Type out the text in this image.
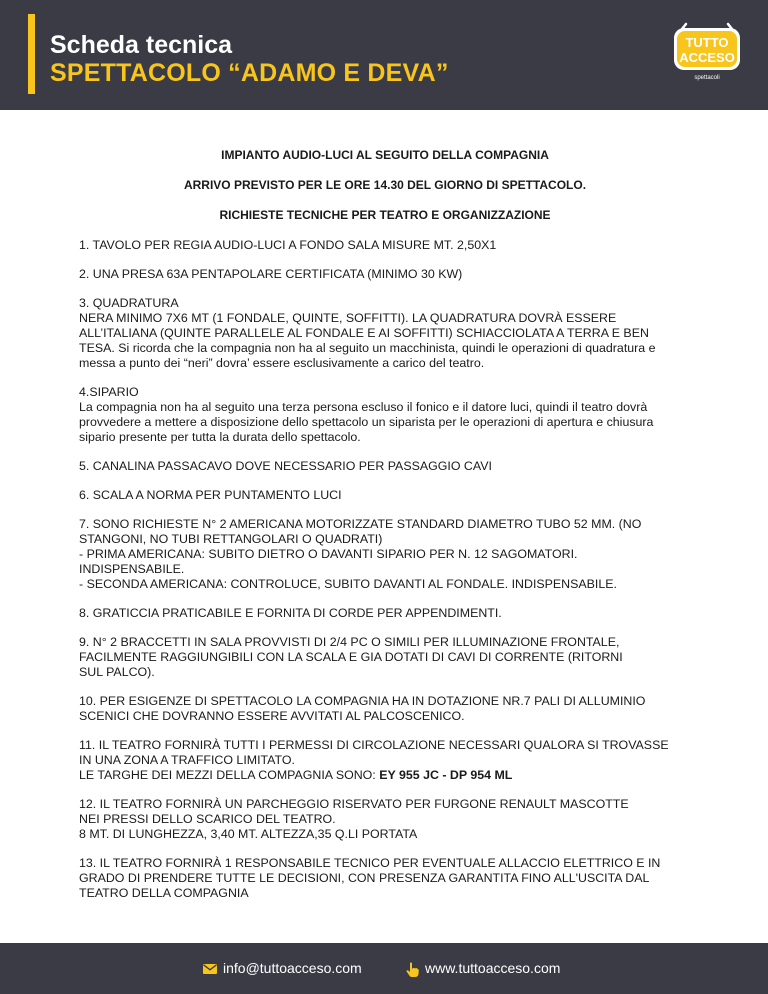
Scheda tecnica
SPETTACOLO “ADAMO E DEVA”
TUTTO
ACCESO
spettacoli
IMPIANTO AUDIO-LUCI AL SEGUITO DELLA COMPAGNIA
ARRIVO PREVISTO PER LE ORE 14.30 DEL GIORNO DI SPETTACOLO.
RICHIESTE TECNICHE PER TEATRO E ORGANIZZAZIONE
1. TAVOLO PER REGIA AUDIO-LUCI A FONDO SALA MISURE MT. 2,50X1
2. UNA PRESA 63A PENTAPOLARE CERTIFICATA (MINIMO 30 KW)
3. QUADRATURA
NERA MINIMO 7X6 MT (1 FONDALE, QUINTE, SOFFITTI). LA QUADRATURA DOVRÀ ESSERE
ALL’ITALIANA (QUINTE PARALLELE AL FONDALE E AI SOFFITTI) SCHIACCIOLATA A TERRA E BEN
TESA. Si ricorda che la compagnia non ha al seguito un macchinista, quindi le operazioni di quadratura e
messa a punto dei “neri” dovra’ essere esclusivamente a carico del teatro.
4.SIPARIO
La compagnia non ha al seguito una terza persona escluso il fonico e il datore luci, quindi il teatro dovrà
provvedere a mettere a disposizione dello spettacolo un siparista per le operazioni di apertura e chiusura
sipario presente per tutta la durata dello spettacolo.
5. CANALINA PASSACAVO DOVE NECESSARIO PER PASSAGGIO CAVI
6. SCALA A NORMA PER PUNTAMENTO LUCI
7. SONO RICHIESTE N° 2 AMERICANA MOTORIZZATE STANDARD DIAMETRO TUBO 52 MM. (NO
STANGONI, NO TUBI RETTANGOLARI O QUADRATI)
- PRIMA AMERICANA: SUBITO DIETRO O DAVANTI SIPARIO PER N. 12 SAGOMATORI.
INDISPENSABILE.
- SECONDA AMERICANA: CONTROLUCE, SUBITO DAVANTI AL FONDALE. INDISPENSABILE.
8. GRATICCIA PRATICABILE E FORNITA DI CORDE PER APPENDIMENTI.
9. N° 2 BRACCETTI IN SALA PROVVISTI DI 2/4 PC O SIMILI PER ILLUMINAZIONE FRONTALE,
FACILMENTE RAGGIUNGIBILI CON LA SCALA E GIA DOTATI DI CAVI DI CORRENTE (RITORNI
SUL PALCO).
10. PER ESIGENZE DI SPETTACOLO LA COMPAGNIA HA IN DOTAZIONE NR.7 PALI DI ALLUMINIO
SCENICI CHE DOVRANNO ESSERE AVVITATI AL PALCOSCENICO.
11. IL TEATRO FORNIRÀ TUTTI I PERMESSI DI CIRCOLAZIONE NECESSARI QUALORA SI TROVASSE
IN UNA ZONA A TRAFFICO LIMITATO.
LE TARGHE DEI MEZZI DELLA COMPAGNIA SONO: EY 955 JC - DP 954 ML
12. IL TEATRO FORNIRÀ UN PARCHEGGIO RISERVATO PER FURGONE RENAULT MASCOTTE
NEI PRESSI DELLO SCARICO DEL TEATRO.
8 MT. DI LUNGHEZZA, 3,40 MT. ALTEZZA,35 Q.LI PORTATA
13. IL TEATRO FORNIRÀ 1 RESPONSABILE TECNICO PER EVENTUALE ALLACCIO ELETTRICO E IN
GRADO DI PRENDERE TUTTE LE DECISIONI, CON PRESENZA GARANTITA FINO ALL'USCITA DAL
TEATRO DELLA COMPAGNIA
info@tuttoacceso.com	www.tuttoacceso.com
